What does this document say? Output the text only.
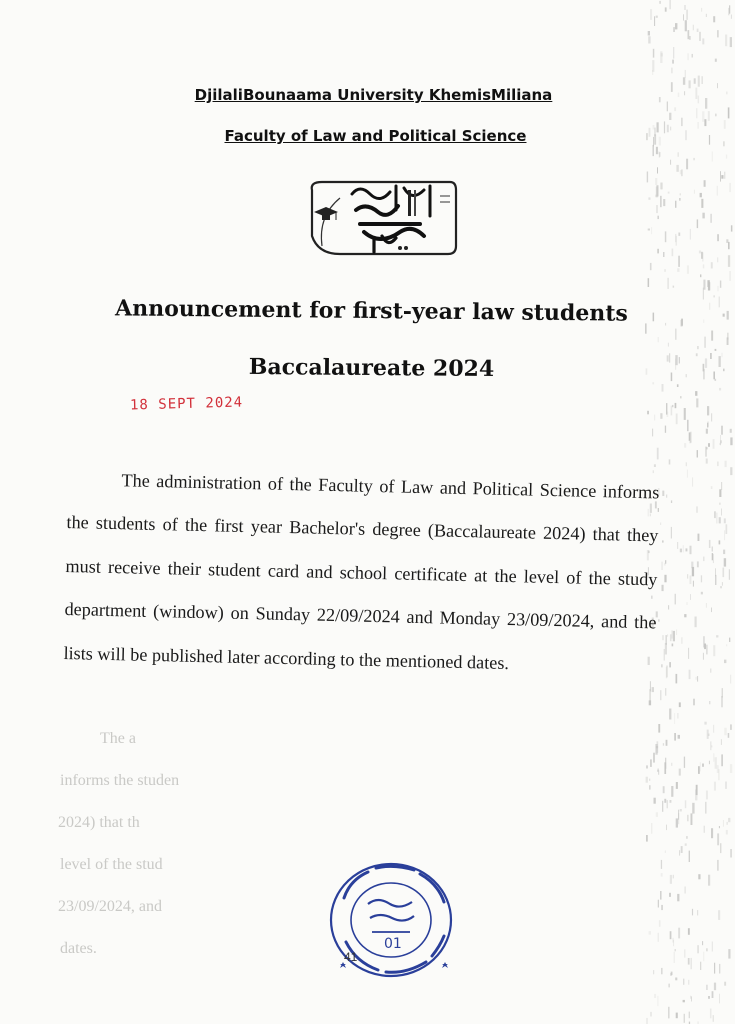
The a
informs the studen
2024) that th
level of the stud
23/09/2024, and
dates.
DjilaliBounaama University KhemisMiliana
Faculty of Law and Political Science
Announcement for first-year law students
Baccalaureate 2024
18 SEPT 2024
The administration of the Faculty of Law and Political Science informs the students of the first year Bachelor's degree (Baccalaureate 2024) that they must receive their student card and school certificate at the level of the study department (window) on Sunday 22/09/2024 and Monday 23/09/2024, and the lists will be published later according to the mentioned dates.
01
41
